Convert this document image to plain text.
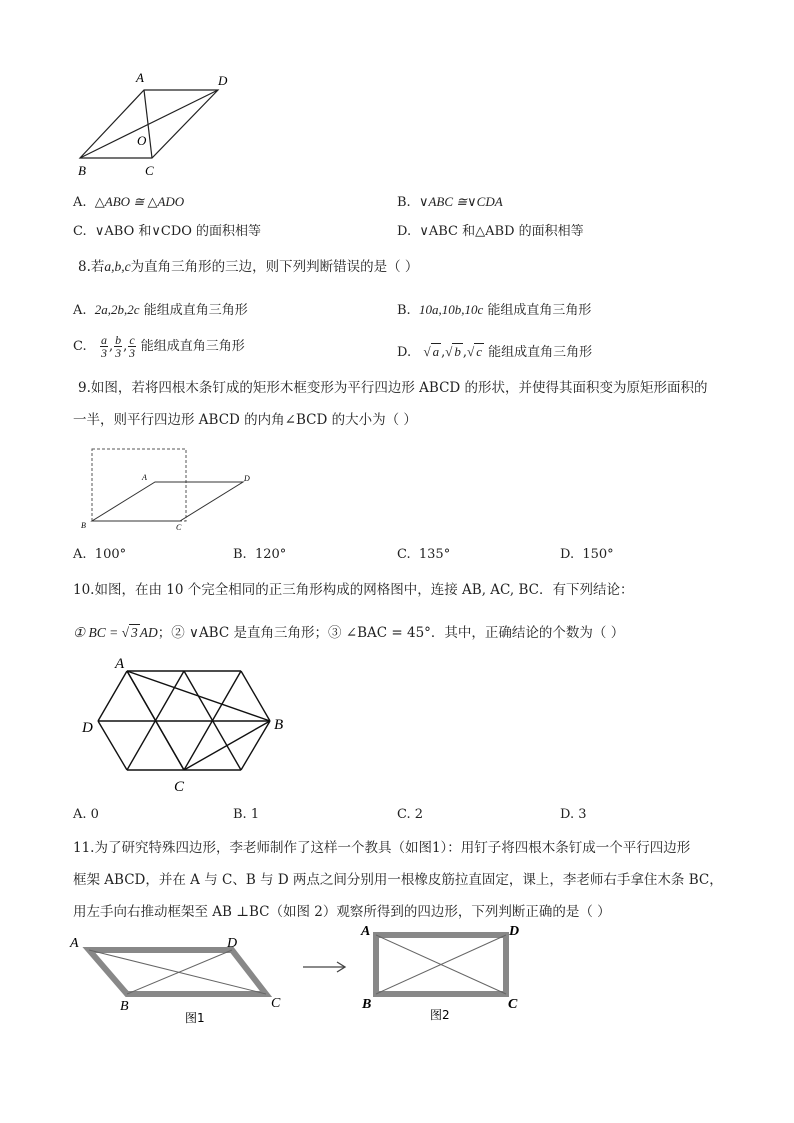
A	D
O
B	C
A. △ABO ≅ △ADO	B. ∨ABC ≅∨CDA
C. ∨ABO 和∨CDO 的面积相等	D. ∨ABC 和△ABD 的面积相等
8.若a,b,c为直角三角形的三边，则下列判断错误的是（ ）
A. 2a,2b,2c 能组成直角三角形	B. 10a,10b,10c 能组成直角三角形
C. $\frac{a}{3}$ , $\frac{b}{3}$ , $\frac{c}{3}$ 能组成直角三角形	D. √ a ,√ b ,√ c 能组成直角三角形
9.如图，若将四根木条钉成的矩形木框变形为平行四边形 ABCD 的形状，并使得其面积变为原矩形面积的
一半，则平行四边形 ABCD 的内角∠BCD 的大小为（ ）
A	D
B	C
A. 100°	B. 120°	C. 135°	D. 150°
10.如图，在由 10 个完全相同的正三角形构成的网格图中，连接 AB, AC, BC．有下列结论：
① BC = √ 3 AD；② ∨ABC 是直角三角形；③ ∠BAC = 45°．其中，正确结论的个数为（ ）
A
B
C
D
A. 0	B. 1	C. 2	D. 3
11.为了研究特殊四边形，李老师制作了这样一个教具（如图1）：用钉子将四根木条钉成一个平行四边形
框架 ABCD，并在 A 与 C、B 与 D 两点之间分别用一根橡皮筋拉直固定，课上，李老师右手拿住木条 BC，
用左手向右推动框架至 AB ⊥BC（如图 2）观察所得到的四边形，下列判断正确的是（ ）
A	D
B	C
A	D
B	C
图1	图2
